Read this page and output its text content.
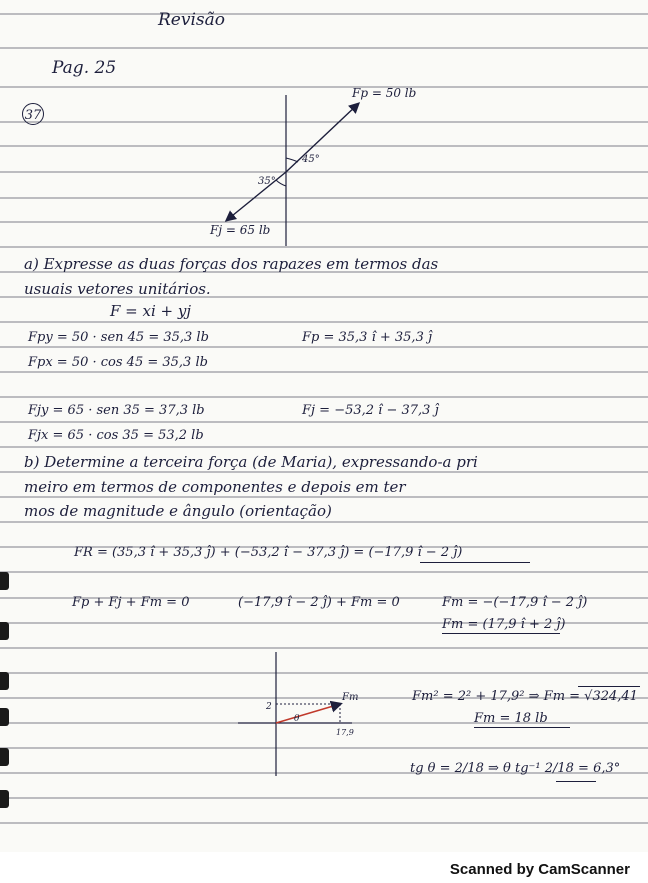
Revisão
Pag. 25
37
Fp = 50 lb
Fj = 65 lb
45°
35°
a) Expresse as duas forças dos rapazes em termos das
usuais vetores unitários.
F = xi + yj
Fpy = 50 · sen 45 = 35,3 lb	Fp = 35,3 î + 35,3 ĵ
Fpx = 50 · cos 45 = 35,3 lb
Fjy = 65 · sen 35 = 37,3 lb	Fj = −53,2 î − 37,3 ĵ
Fjx = 65 · cos 35 = 53,2 lb
b) Determine a terceira força (de Maria), expressando-a pri
meiro em termos de componentes e depois em ter
mos de magnitude e ângulo (orientação)
FR = (35,3 î + 35,3 ĵ) + (−53,2 î − 37,3 ĵ) = (−17,9 î − 2 ĵ)
Fp + Fj + Fm = 0	(−17,9 î − 2 ĵ) + Fm = 0	Fm = −(−17,9 î − 2 ĵ)
Fm = (17,9 î + 2 ĵ)
Fm
2
17,9
θ
Fm² = 2² + 17,9² ⇒ Fm = √324,41
Fm = 18 lb
tg θ = 2/18 ⇒ θ tg⁻¹ 2/18 = 6,3°
Scanned by CamScanner
